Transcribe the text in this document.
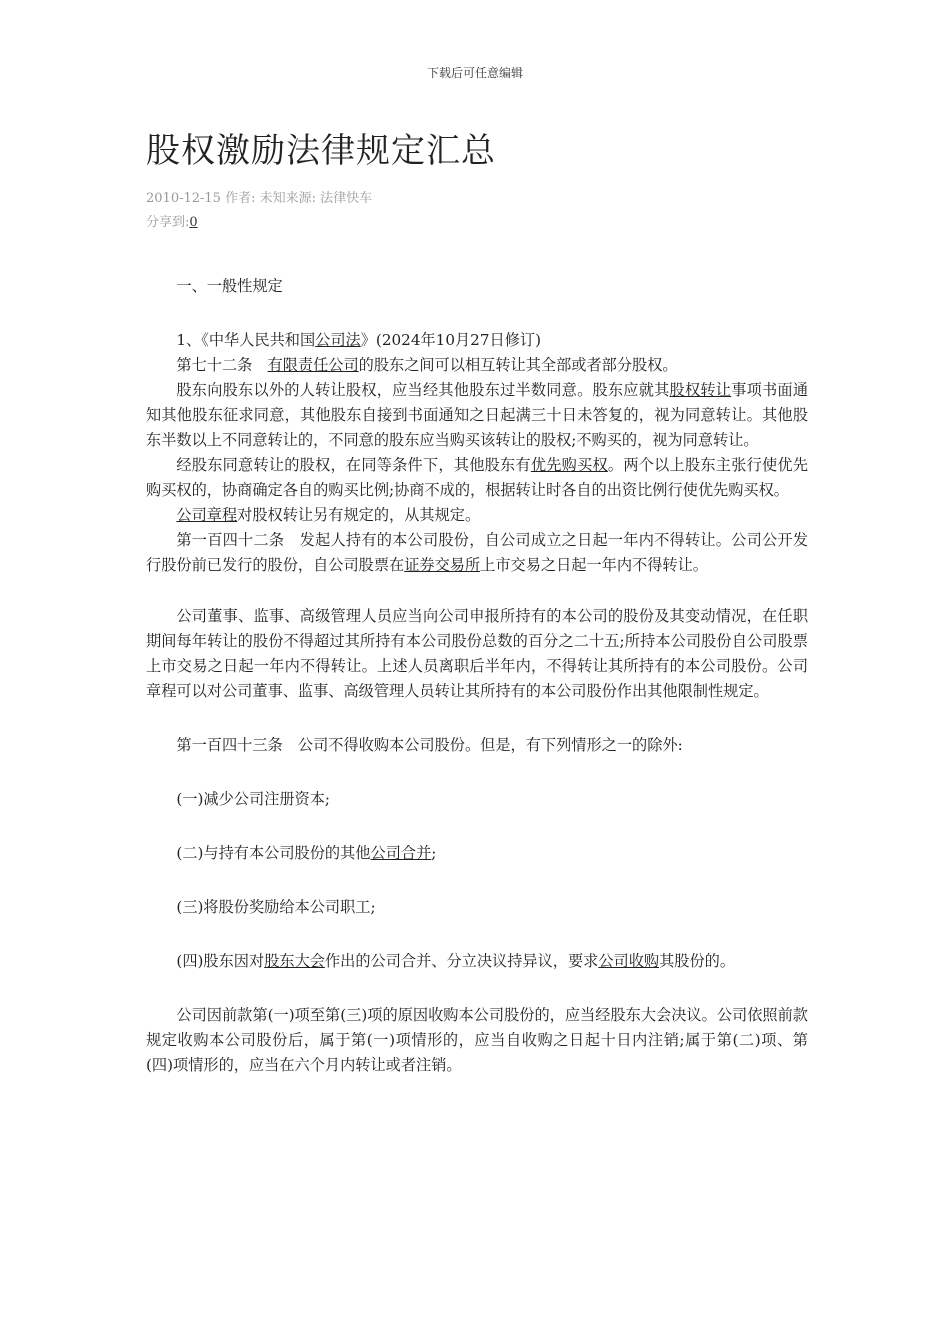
下载后可任意编辑
股权激励法律规定汇总
2010-12-15 作者: 未知来源: 法律快车
分享到:0

一、一般性规定

1、《中华人民共和国公司法》(2024年10月27日修订)

第七十二条　有限责任公司的股东之间可以相互转让其全部或者部分股权。

股东向股东以外的人转让股权，应当经其他股东过半数同意。股东应就其股权转让事项书面通知其他股东征求同意，其他股东自接到书面通知之日起满三十日未答复的，视为同意转让。其他股东半数以上不同意转让的，不同意的股东应当购买该转让的股权;不购买的，视为同意转让。

经股东同意转让的股权，在同等条件下，其他股东有优先购买权。两个以上股东主张行使优先购买权的，协商确定各自的购买比例;协商不成的，根据转让时各自的出资比例行使优先购买权。

公司章程对股权转让另有规定的，从其规定。

第一百四十二条　发起人持有的本公司股份，自公司成立之日起一年内不得转让。公司公开发行股份前已发行的股份，自公司股票在证券交易所上市交易之日起一年内不得转让。

公司董事、监事、高级管理人员应当向公司申报所持有的本公司的股份及其变动情况，在任职期间每年转让的股份不得超过其所持有本公司股份总数的百分之二十五;所持本公司股份自公司股票上市交易之日起一年内不得转让。上述人员离职后半年内，不得转让其所持有的本公司股份。公司章程可以对公司董事、监事、高级管理人员转让其所持有的本公司股份作出其他限制性规定。

第一百四十三条　公司不得收购本公司股份。但是，有下列情形之一的除外:

(一)减少公司注册资本;

(二)与持有本公司股份的其他公司合并;

(三)将股份奖励给本公司职工;

(四)股东因对股东大会作出的公司合并、分立决议持异议，要求公司收购其股份的。

公司因前款第(一)项至第(三)项的原因收购本公司股份的，应当经股东大会决议。公司依照前款规定收购本公司股份后，属于第(一)项情形的，应当自收购之日起十日内注销;属于第(二)项、第(四)项情形的，应当在六个月内转让或者注销。
